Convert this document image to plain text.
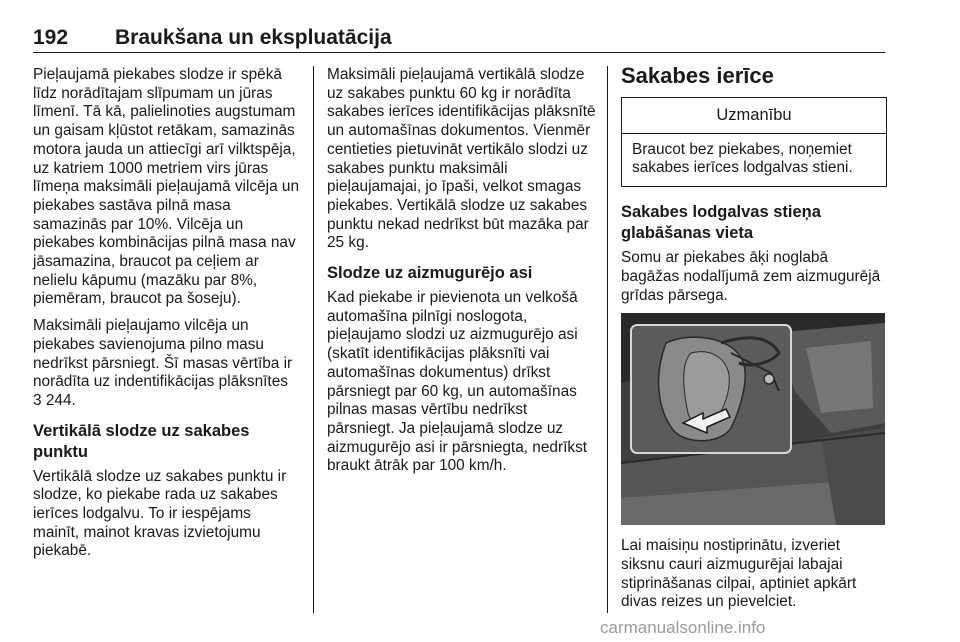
192 Braukšana un ekspluatācija

Pieļaujamā piekabes slodze ir spēkā līdz norādītajam slīpumam un jūras līmenī. Tā kā, palielinoties augstumam un gaisam kļūstot retākam, samazinās motora jauda un attiecīgi arī vilktspēja, uz katriem 1000 metriem virs jūras līmeņa maksimāli pieļaujamā vilcēja un piekabes sastāva pilnā masa samazinās par 10%. Vilcēja un piekabes kombinācijas pilnā masa nav jāsamazina, braucot pa ceļiem ar nelielu kāpumu (mazāku par 8%, piemēram, braucot pa šoseju).

Maksimāli pieļaujamo vilcēja un piekabes savienojuma pilno masu nedrīkst pārsniegt. Šī masas vērtība ir norādīta uz indentifikācijas plāksnītes
3 244.

Vertikālā slodze uz sakabes punktu

Vertikālā slodze uz sakabes punktu ir slodze, ko piekabe rada uz sakabes ierīces lodgalvu. To ir iespējams mainīt, mainot kravas izvietojumu piekabē.

Maksimāli pieļaujamā vertikālā slodze uz sakabes punktu 60 kg ir norādīta sakabes ierīces identifikācijas plāksnītē un automašīnas dokumentos. Vienmēr centieties pietuvināt vertikālo slodzi uz sakabes punktu maksimāli pieļaujamajai, jo īpaši, velkot smagas piekabes. Vertikālā slodze uz sakabes punktu nekad nedrīkst būt mazāka par 25 kg.

Slodze uz aizmugurējo asi

Kad piekabe ir pievienota un velkošā automašīna pilnīgi noslogota, pieļaujamo slodzi uz aizmugurējo asi (skatīt identifikācijas plāksnīti vai automašīnas dokumentus) drīkst pārsniegt par 60 kg, un automašīnas pilnas masas vērtību nedrīkst pārsniegt. Ja pieļaujamā slodze uz aizmugurējo asi ir pārsniegta, nedrīkst braukt ātrāk par 100 km/h.

Sakabes ierīce
Uzmanību
Braucot bez piekabes, noņemiet sakabes ierīces lodgalvas stieni.
Sakabes lodgalvas stieņa glabāšanas vieta

Somu ar piekabes āķi noglabā bagāžas nodalījumā zem aizmugurējā grīdas pārsega.

Lai maisiņu nostiprinātu, izveriet siksnu cauri aizmugurējai labajai stiprināšanas cilpai, aptiniet apkārt divas reizes un pievelciet.

carmanualsonline.info
